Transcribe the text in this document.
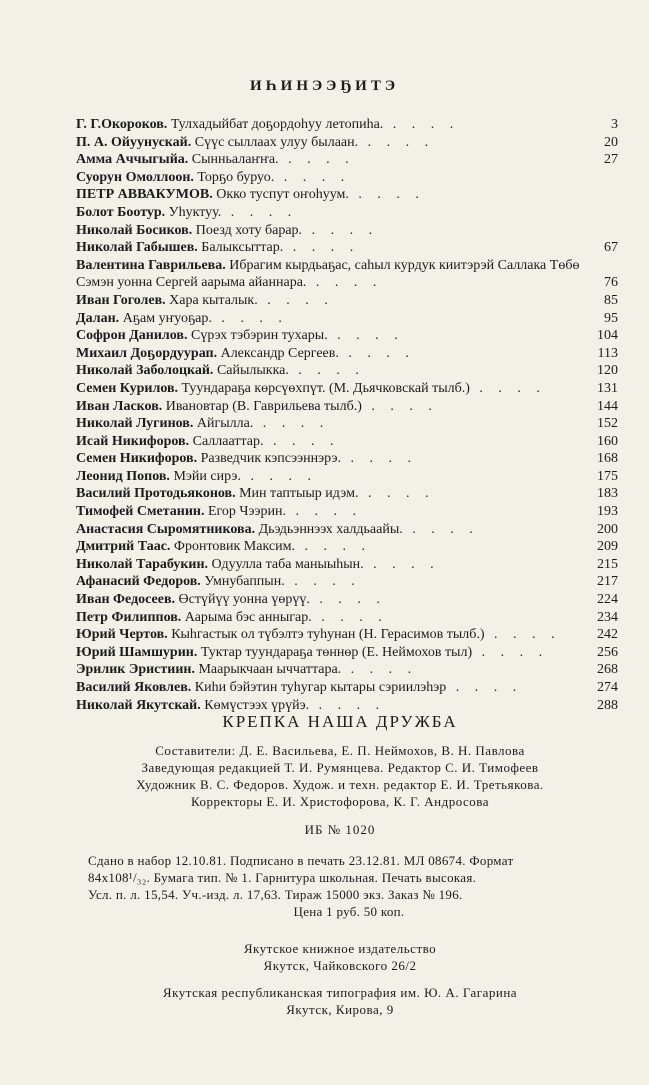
ИҺИНЭЭҔИТЭ
Г. Г.Окороков. Тулхадыйбат доҕордоһуу летопиһа. . . . .	3
П. А. Ойуунускай. Сүүс сыллаах улуу былаан. . . . .	20
Амма Аччыгыйа. Сынньалаҥҥа. . . . .	27
Суорун Омоллоон. Торҕо буруо. . . . .
ПЕТР АВВАКУМОВ. Окко туспут оҥоһуум. . . . .
Болот Боотур. Уһуктуу. . . . .
Николай Босиков. Поезд хоту барар. . . . .
Николай Габышев. Балыксыттар. . . . .	67
Валентина Гаврильева. Ибрагим кырдьаҕас, саһыл курдук киитэрэй Саллака Төбө Сэмэн уонна Сергей аарыма айаннара. . . . .	76
Иван Гоголев. Хара кыталык. . . . .	85
Далан. Аҕам уҥуоҕар. . . . .	95
Софрон Данилов. Сүрэх тэбэрин тухары. . . . .	104
Михаил Доҕордуурап. Александр Сергеев. . . . .	113
Николай Заболоцкай. Сайылыкка. . . . .	120
Семен Курилов. Туундараҕа көрсүөхпүт. (М. Дьячковскай тылб.) . . . .	131
Иван Ласков. Ивановтар (В. Гаврильева тылб.) . . . .	144
Николай Лугинов. Айгылла. . . . .	152
Исай Никифоров. Саллааттар. . . . .	160
Семен Никифоров. Разведчик кэпсээннэрэ. . . . .	168
Леонид Попов. Мэйи сирэ. . . . .	175
Василий Протодьяконов. Мин таптыыр идэм. . . . .	183
Тимофей Сметанин. Егор Чээрин. . . . .	193
Анастасия Сыромятникова. Дьэдьэннээх халдьаайы. . . . .	200
Дмитрий Таас. Фронтовик Максим. . . . .	209
Николай Тарабукин. Одуулла таба маныыһын. . . . .	215
Афанасий Федоров. Умнубаппын. . . . .	217
Иван Федосеев. Өстүйүү уонна үөрүү. . . . .	224
Петр Филиппов. Аарыма бэс анныгар. . . . .	234
Юрий Чертов. Кыһгастык ол түбэлтэ туһунан (Н. Герасимов тылб.) . . . .	242
Юрий Шамшурин. Туктар туундараҕа төннөр (Е. Неймохов тыл) . . . .	256
Эрилик Эристиин. Маарыкчаан ыччаттара. . . . .	268
Василий Яковлев. Киһи бэйэтин туһугар кытары сэриилэһэр . . . .	274
Николай Якутскай. Көмүстээх үрүйэ. . . . .	288
КРЕПКА НАША ДРУЖБА
Составители: Д. Е. Васильева, Е. П. Неймохов, В. Н. Павлова
Заведующая редакцией Т. И. Румянцева. Редактор С. И. Тимофеев
Художник В. С. Федоров. Худож. и техн. редактор Е. И. Третьякова.
Корректоры Е. И. Христофорова, К. Г. Андросова
ИБ № 1020
Сдано в набор 12.10.81. Подписано в печать 23.12.81. МЛ 08674. Формат
84х108¹/₃₂. Бумага тип. № 1. Гарнитура школьная. Печать высокая.
Усл. п. л. 15,54. Уч.-изд. л. 17,63. Тираж 15000 экз. Заказ № 196.
Цена 1 руб. 50 коп.
Якутское книжное издательство
Якутск, Чайковского 26/2
Якутская республиканская типография им. Ю. А. Гагарина
Якутск, Кирова, 9
